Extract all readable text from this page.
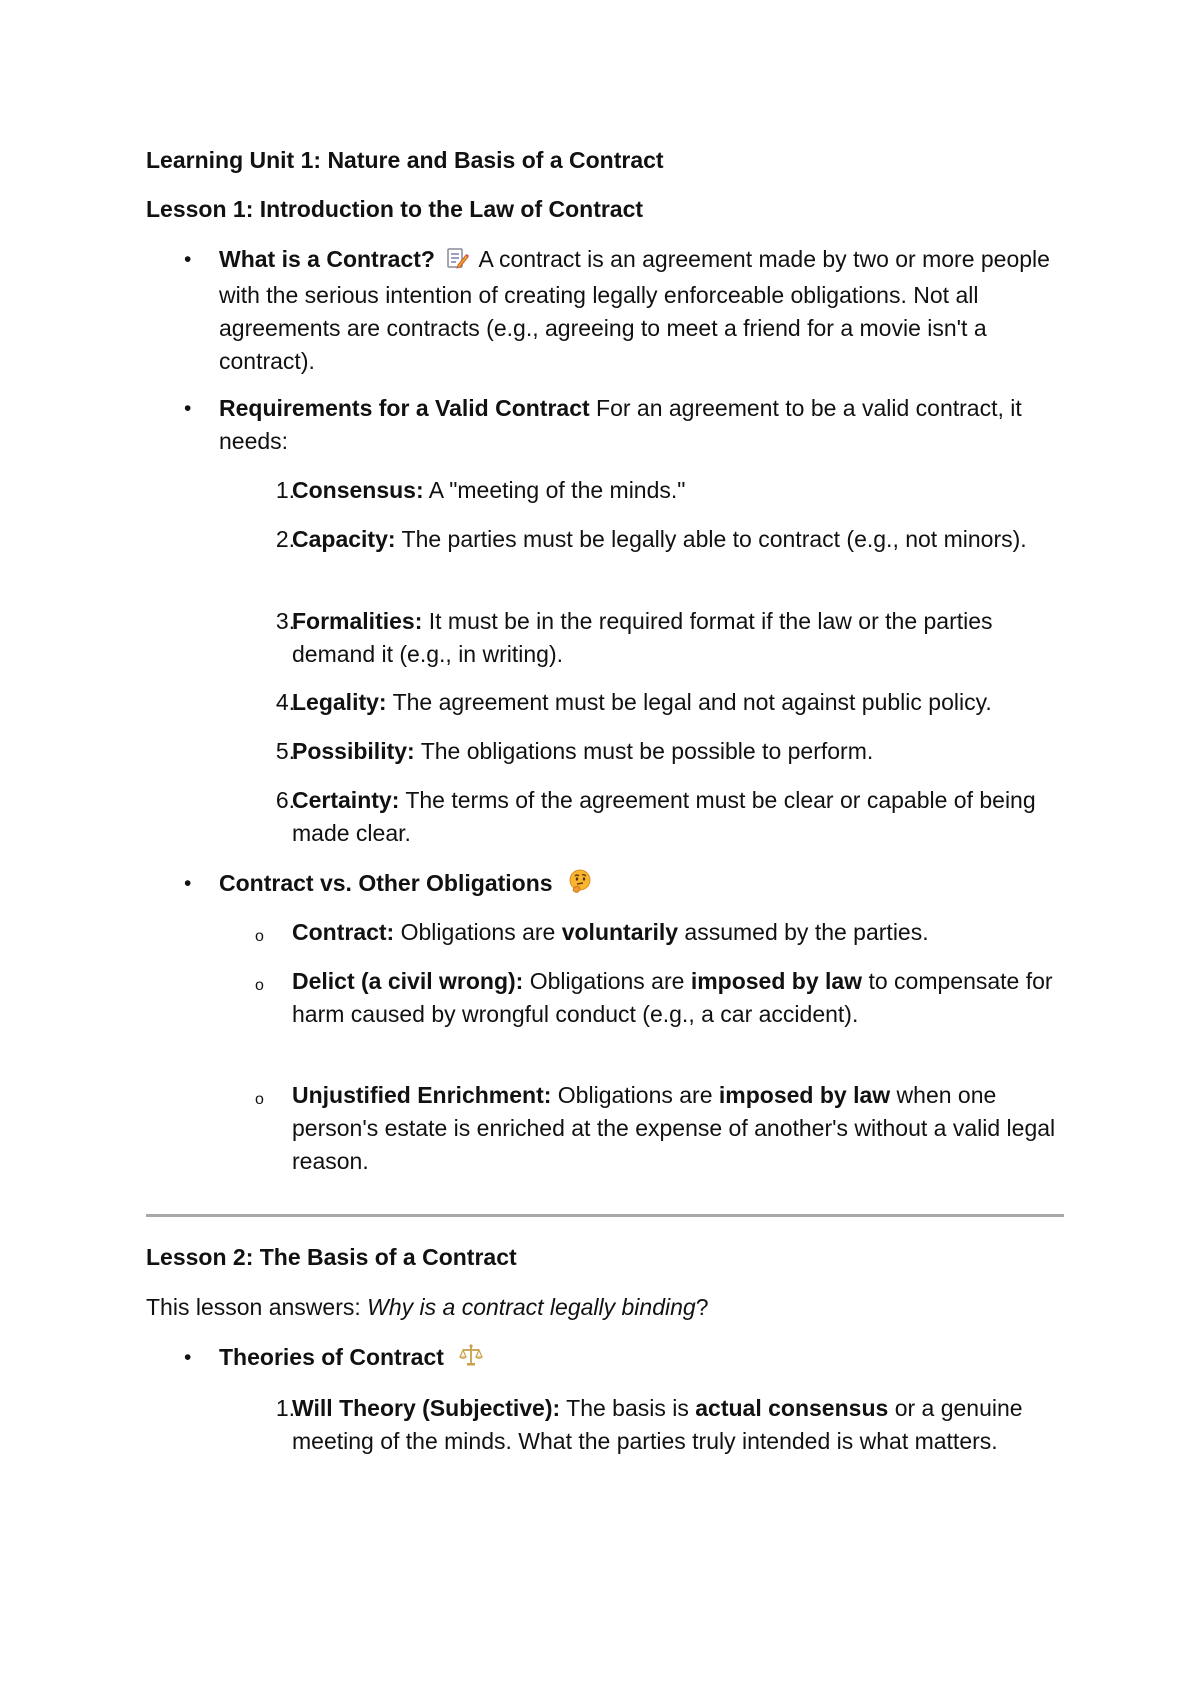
Learning Unit 1: Nature and Basis of a Contract
Lesson 1: Introduction to the Law of Contract
• What is a Contract? A contract is an agreement made by two or more people with the serious intention of creating legally enforceable obligations. Not all agreements are contracts (e.g., agreeing to meet a friend for a movie isn't a contract).
• Requirements for a Valid Contract For an agreement to be a valid contract, it needs:
1.
Consensus: A "meeting of the minds."
2.
Capacity: The parties must be legally able to contract (e.g., not minors).
3.
Formalities: It must be in the required format if the law or the parties demand it (e.g., in writing).
4.
Legality: The agreement must be legal and not against public policy.
5.
Possibility: The obligations must be possible to perform.
6.
Certainty: The terms of the agreement must be clear or capable of being made clear.
• Contract vs. Other Obligations
o Contract: Obligations are voluntarily assumed by the parties.
o Delict (a civil wrong): Obligations are imposed by law to compensate for harm caused by wrongful conduct (e.g., a car accident).
o Unjustified Enrichment: Obligations are imposed by law when one person's estate is enriched at the expense of another's without a valid legal reason.
Lesson 2: The Basis of a Contract
This lesson answers: Why is a contract legally binding?
• Theories of Contract
1.
Will Theory (Subjective): The basis is actual consensus or a genuine meeting of the minds. What the parties truly intended is what matters.
